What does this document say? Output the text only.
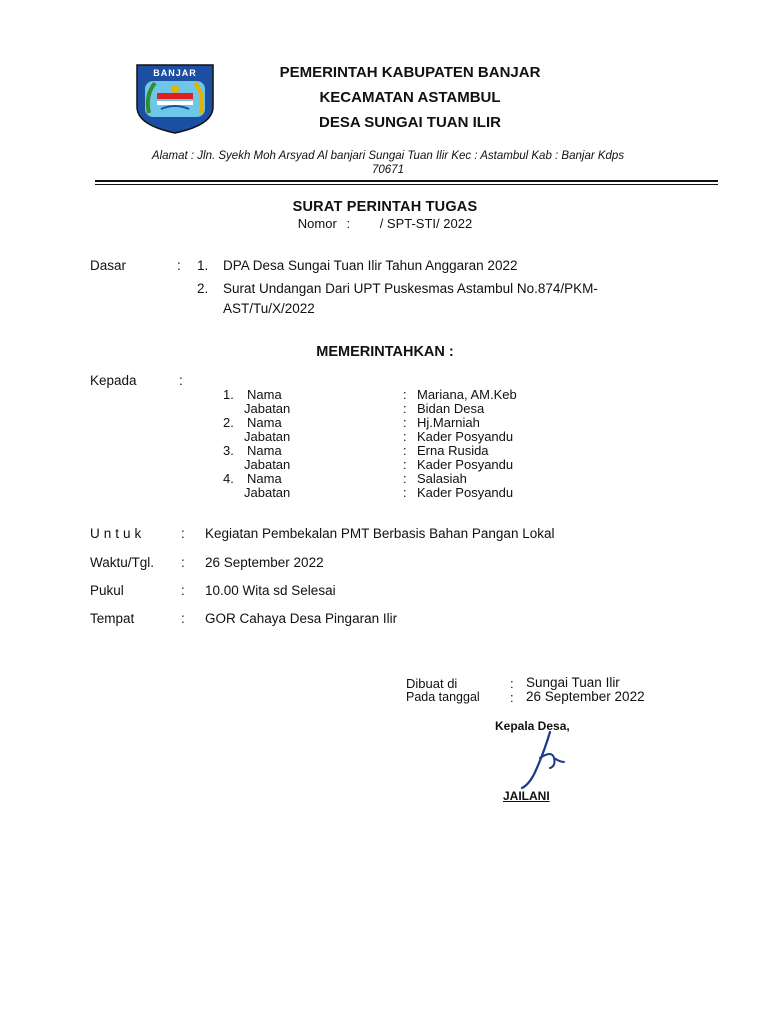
BANJAR	PEMERINTAH KABUPATEN BANJAR
KECAMATAN ASTAMBUL
DESA SUNGAI TUAN ILIR
Alamat : Jln. Syekh Moh Arsyad Al banjari Sungai Tuan Ilir Kec : Astambul Kab : Banjar Kdps
70671
SURAT PERINTAH TUGAS
Nomor : / SPT-STI/ 2022
Dasar	: 1. DPA Desa Sungai Tuan Ilir Tahun Anggaran 2022
2. Surat Undangan Dari UPT Puskesmas Astambul No.874/PKM-
AST/Tu/X/2022
MEMERINTAHKAN :
Kepada	:
1. Nama	: Mariana, AM.Keb
Jabatan	: Bidan Desa
2. Nama	: Hj.Marniah
Jabatan	: Kader Posyandu
3. Nama	: Erna Rusida
Jabatan	: Kader Posyandu
4. Nama	: Salasiah
Jabatan	: Kader Posyandu
Untuk	: Kegiatan Pembekalan PMT Berbasis Bahan Pangan Lokal
Waktu/Tgl. : 26 September 2022
Pukul	: 10.00 Wita sd Selesai
Tempat	: GOR Cahaya Desa Pingaran Ilir
Dibuat di	: Sungai Tuan Ilir
Pada tanggal : 26 September 2022
Kepala Desa,
JAILANI
